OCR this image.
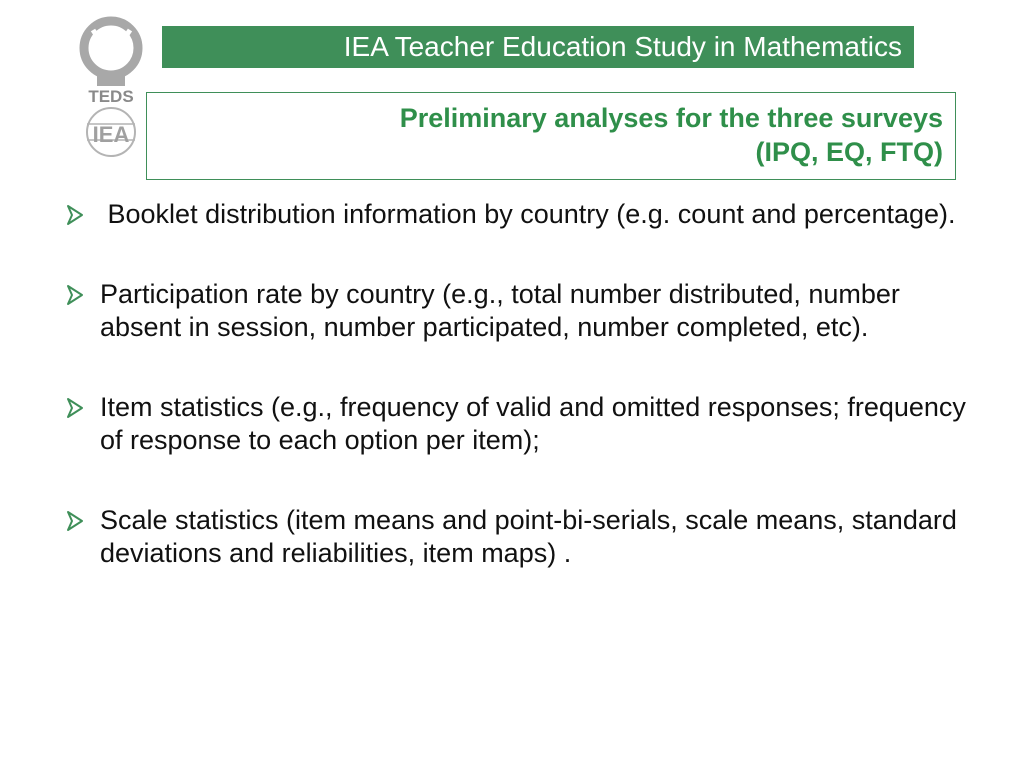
TEDS
IEA
IEA Teacher Education Study in Mathematics
Preliminary analyses for the three surveys
(IPQ, EQ, FTQ)
Booklet distribution information by country (e.g. count and percentage).
Participation rate by country (e.g., total number distributed, number absent in session, number participated, number completed, etc).
Item statistics (e.g., frequency of valid and omitted responses; frequency of response to each option per item);
Scale statistics (item means and point-bi-serials, scale means, standard deviations and reliabilities, item maps) .
